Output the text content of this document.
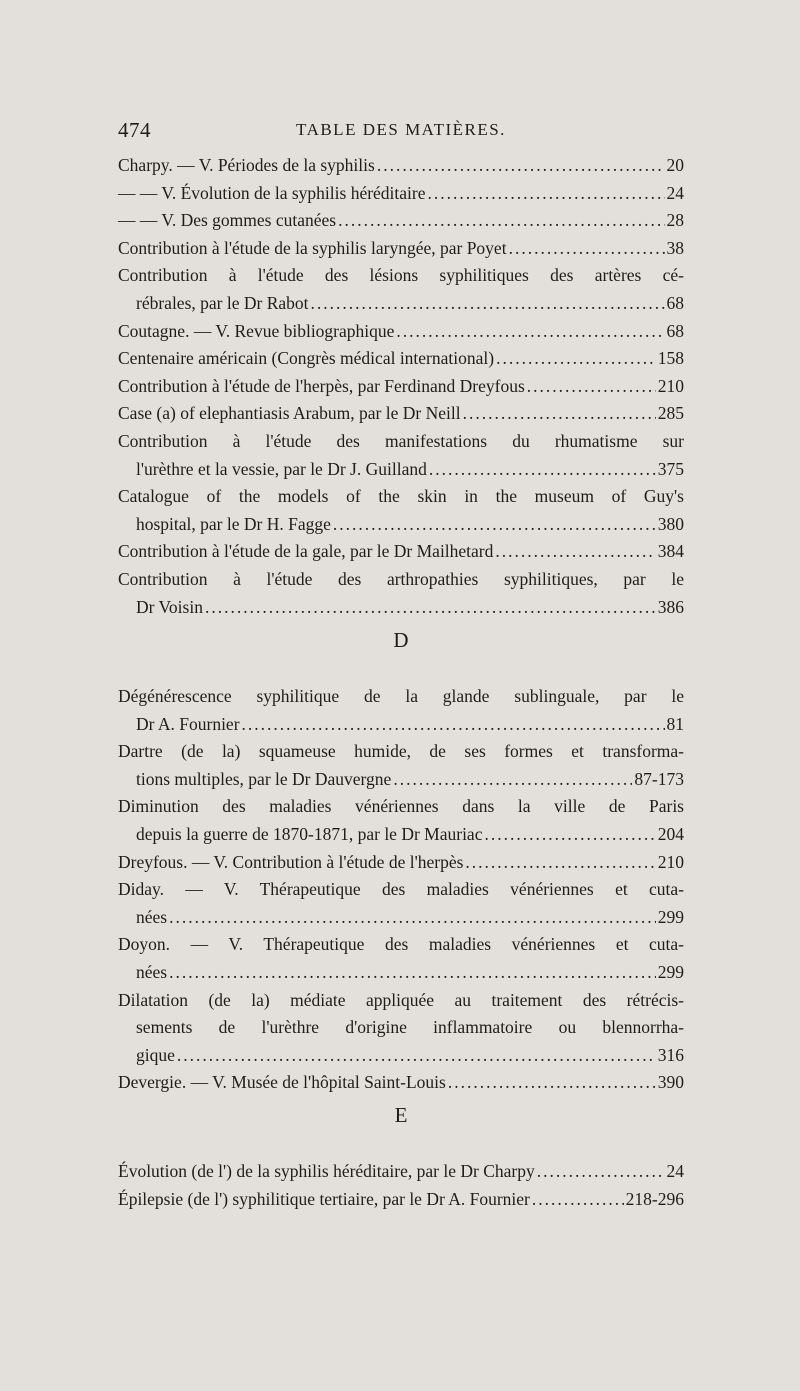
474	TABLE DES MATIÈRES.
D
E
Charpy. — V. Périodes de la syphilis .....	20
— — V. Évolution de la syphilis héréditaire .....	24
— — V. Des gommes cutanées .....	28
Contribution à l'étude de la syphilis laryngée, par Poyet .....	38
Contribution à l'étude des lésions syphilitiques des artères cé-
rébrales, par le Dr Rabot .....	68
Coutagne. — V. Revue bibliographique .....	68
Centenaire américain (Congrès médical international) .....	158
Contribution à l'étude de l'herpès, par Ferdinand Dreyfous .....	210
Case (a) of elephantiasis Arabum, par le Dr Neill .....	285
Contribution à l'étude des manifestations du rhumatisme sur
l'urèthre et la vessie, par le Dr J. Guilland .....	375
Catalogue of the models of the skin in the museum of Guy's
hospital, par le Dr H. Fagge .....	380
Contribution à l'étude de la gale, par le Dr Mailhetard .....	384
Contribution à l'étude des arthropathies syphilitiques, par le
Dr Voisin .....	386
Dégénérescence syphilitique de la glande sublinguale, par le
Dr A. Fournier .....	81
Dartre (de la) squameuse humide, de ses formes et transforma-
tions multiples, par le Dr Dauvergne .....	87-173
Diminution des maladies vénériennes dans la ville de Paris
depuis la guerre de 1870-1871, par le Dr Mauriac .....	204
Dreyfous. — V. Contribution à l'étude de l'herpès .....	210
Diday. — V. Thérapeutique des maladies vénériennes et cuta-
nées .....	299
Doyon. — V. Thérapeutique des maladies vénériennes et cuta-
nées .....	299
Dilatation (de la) médiate appliquée au traitement des rétrécis-
sements de l'urèthre d'origine inflammatoire ou blennorrha-
gique .....	316
Devergie. — V. Musée de l'hôpital Saint-Louis .....	390
Évolution (de l') de la syphilis héréditaire, par le Dr Charpy .....	24
Épilepsie (de l') syphilitique tertiaire, par le Dr A. Fournier .....	218-296
